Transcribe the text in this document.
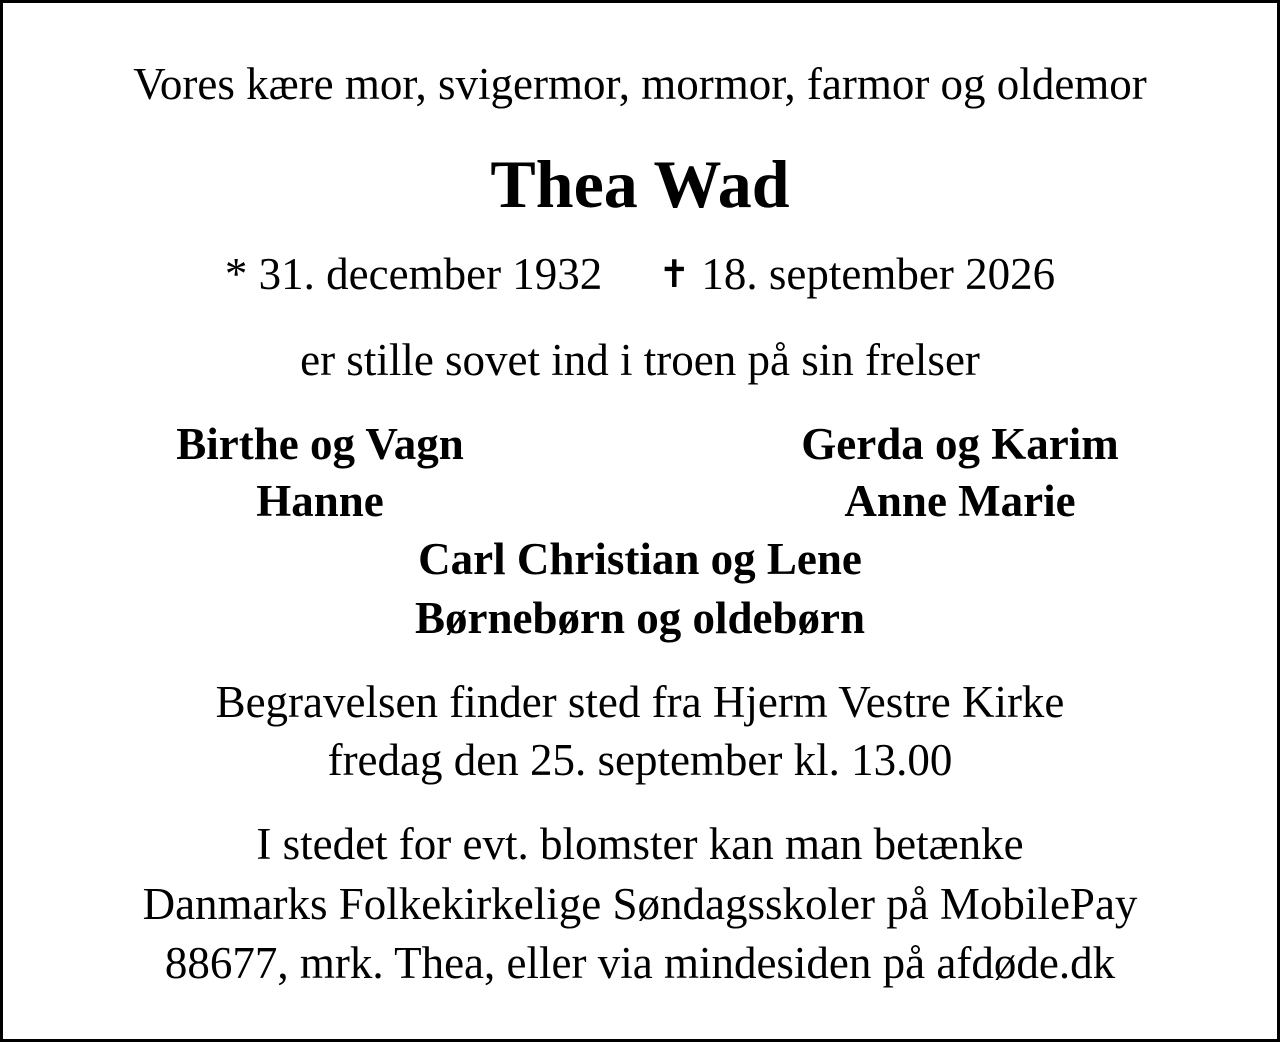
Vores kære mor, svigermor, mormor, farmor og oldemor
Thea Wad
* 31. december 1932 ✝ 18. september 2026
er stille sovet ind i troen på sin frelser
Birthe og Vagn	Gerda og Karim
Hanne	Anne Marie
Carl Christian og Lene
Børnebørn og oldebørn
Begravelsen finder sted fra Hjerm Vestre Kirke
fredag den 25. september kl. 13.00
I stedet for evt. blomster kan man betænke
Danmarks Folkekirkelige Søndagsskoler på MobilePay
88677, mrk. Thea, eller via mindesiden på afdøde.dk
